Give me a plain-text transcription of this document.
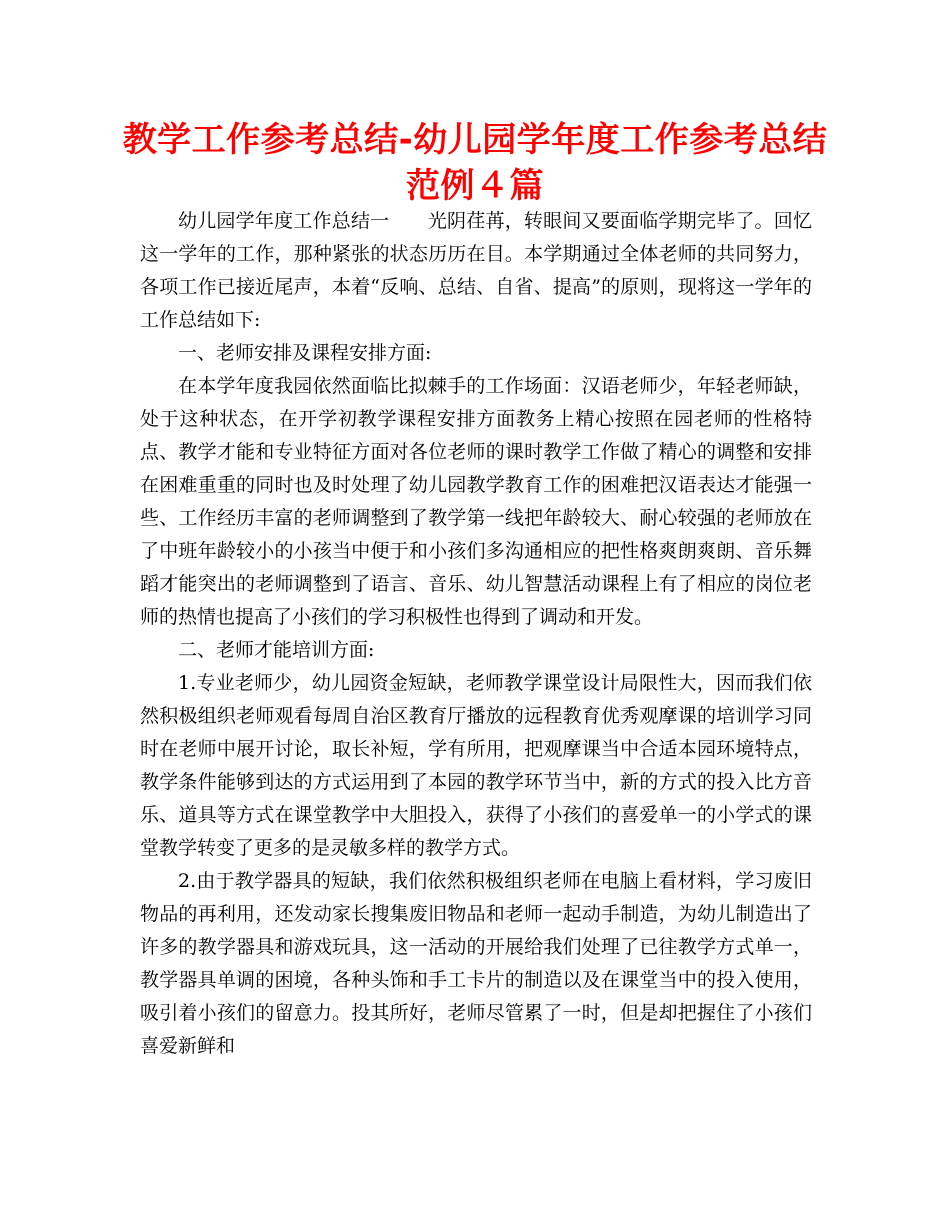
教学工作参考总结-幼儿园学年度工作参考总结范例４篇

幼儿园学年度工作总结一　　光阴荏苒，转眼间又要面临学期完毕了。回忆这一学年的工作，那种紧张的状态历历在目。本学期通过全体老师的共同努力，各项工作已接近尾声，本着“反响、总结、自省、提高”的原则，现将这一学年的工作总结如下:

一、老师安排及课程安排方面:

在本学年度我园依然面临比拟棘手的工作场面：汉语老师少，年轻老师缺，处于这种状态，在开学初教学课程安排方面教务上精心按照在园老师的性格特点、教学才能和专业特征方面对各位老师的课时教学工作做了精心的调整和安排在困难重重的同时也及时处理了幼儿园教学教育工作的困难把汉语表达才能强一些、工作经历丰富的老师调整到了教学第一线把年龄较大、耐心较强的老师放在了中班年龄较小的小孩当中便于和小孩们多沟通相应的把性格爽朗爽朗、音乐舞蹈才能突出的老师调整到了语言、音乐、幼儿智慧活动课程上有了相应的岗位老师的热情也提高了小孩们的学习积极性也得到了调动和开发。

二、老师才能培训方面:

1.专业老师少，幼儿园资金短缺，老师教学课堂设计局限性大，因而我们依然积极组织老师观看每周自治区教育厅播放的远程教育优秀观摩课的培训学习同时在老师中展开讨论，取长补短，学有所用，把观摩课当中合适本园环境特点，教学条件能够到达的方式运用到了本园的教学环节当中，新的方式的投入比方音乐、道具等方式在课堂教学中大胆投入，获得了小孩们的喜爱单一的小学式的课堂教学转变了更多的是灵敏多样的教学方式。

2.由于教学器具的短缺，我们依然积极组织老师在电脑上看材料，学习废旧物品的再利用，还发动家长搜集废旧物品和老师一起动手制造，为幼儿制造出了许多的教学器具和游戏玩具，这一活动的开展给我们处理了已往教学方式单一，教学器具单调的困境，各种头饰和手工卡片的制造以及在课堂当中的投入使用，吸引着小孩们的留意力。投其所好，老师尽管累了一时，但是却把握住了小孩们喜爱新鲜和
